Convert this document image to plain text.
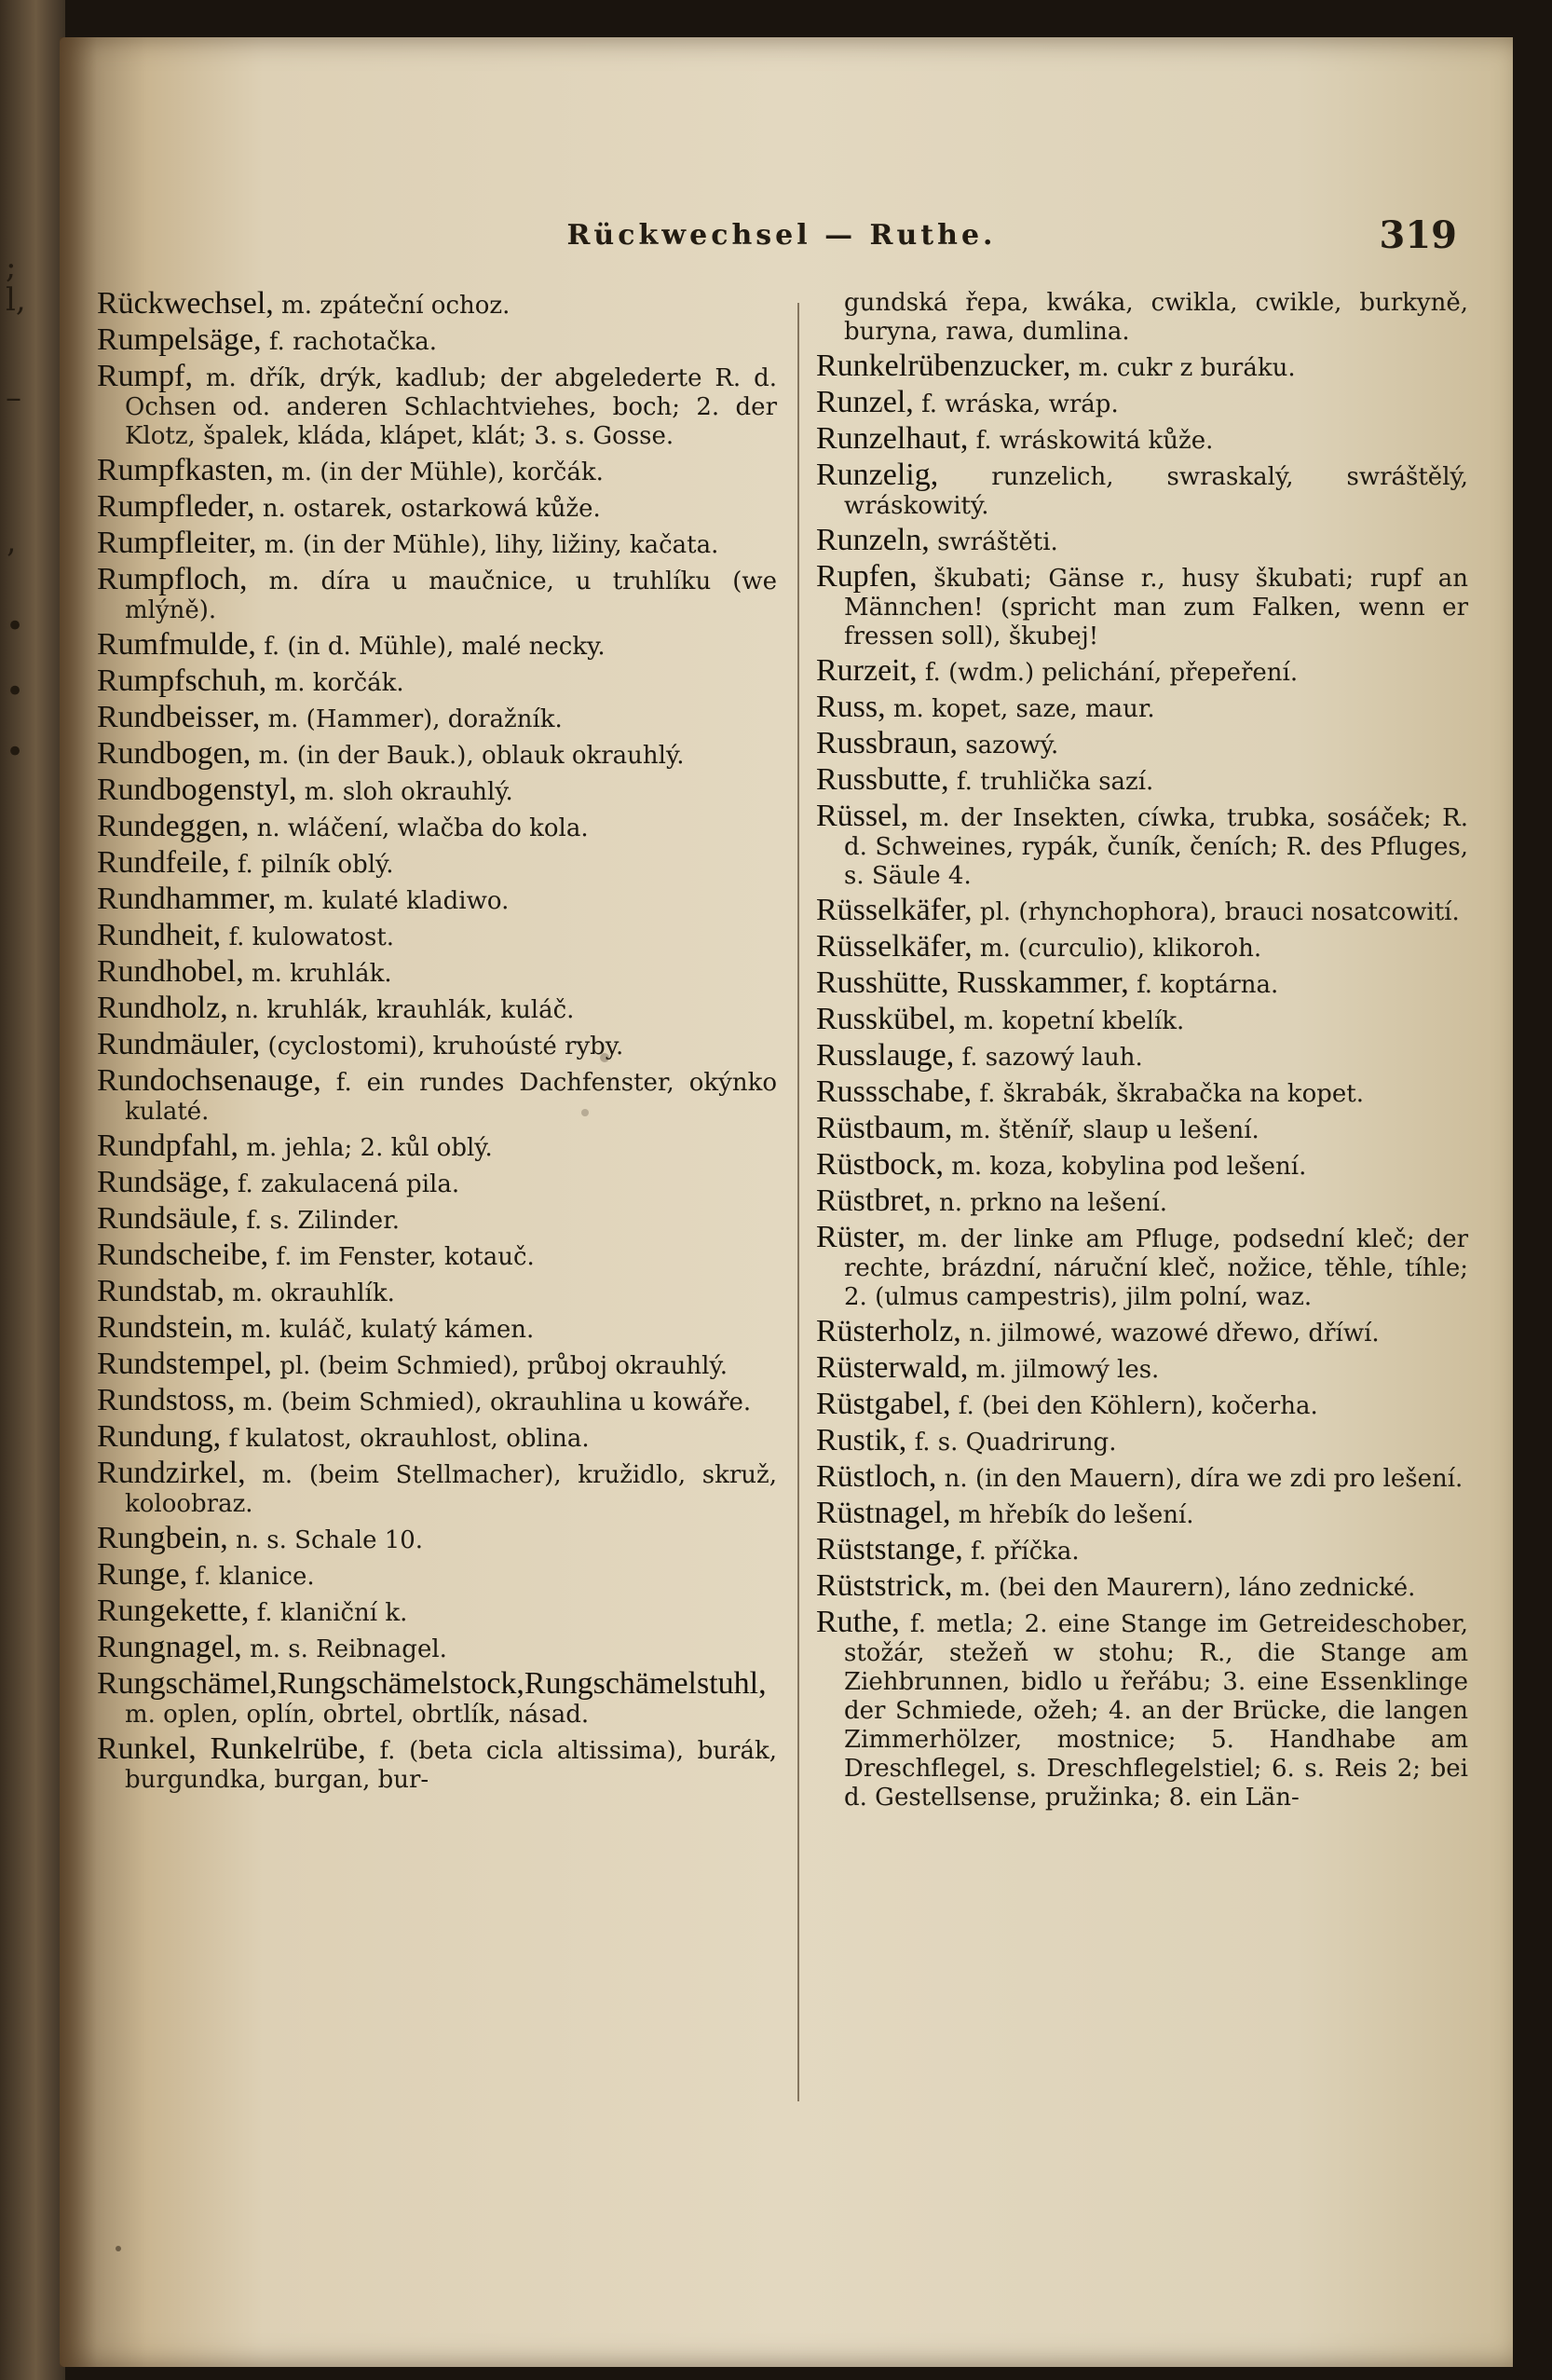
;
l,
–
’
•
•
•
Rückwechsel — Ruthe.	319
Rückwechsel, m. zpáteční ochoz.
Rumpelsäge, f. rachotačka.
Rumpf, m. dřík, drýk, kadlub; der abgelederte R. d. Ochsen od. anderen Schlachtviehes, boch; 2. der Klotz, špalek, kláda, klápet, klát; 3. s. Gosse.
Rumpfkasten, m. (in der Mühle), korčák.
Rumpfleder, n. ostarek, ostarkowá kůže.
Rumpfleiter, m. (in der Mühle), lihy, ližiny, kačata.
Rumpfloch, m. díra u maučnice, u truhlíku (we mlýně).
Rumfmulde, f. (in d. Mühle), malé necky.
Rumpfschuh, m. korčák.
Rundbeisser, m. (Hammer), doražník.
Rundbogen, m. (in der Bauk.), oblauk okrauhlý.
Rundbogenstyl, m. sloh okrauhlý.
Rundeggen, n. wláčení, wlačba do kola.
Rundfeile, f. pilník oblý.
Rundhammer, m. kulaté kladiwo.
Rundheit, f. kulowatost.
Rundhobel, m. kruhlák.
Rundholz, n. kruhlák, krauhlák, kuláč.
Rundmäuler, (cyclostomi), kruhoústé ryby.
Rundochsenauge, f. ein rundes Dachfenster, okýnko kulaté.
Rundpfahl, m. jehla; 2. kůl oblý.
Rundsäge, f. zakulacená pila.
Rundsäule, f. s. Zilinder.
Rundscheibe, f. im Fenster, kotauč.
Rundstab, m. okrauhlík.
Rundstein, m. kuláč, kulatý kámen.
Rundstempel, pl. (beim Schmied), průboj okrauhlý.
Rundstoss, m. (beim Schmied), okrauhlina u kowáře.
Rundung, f kulatost, okrauhlost, oblina.
Rundzirkel, m. (beim Stellmacher), kružidlo, skruž, koloobraz.
Rungbein, n. s. Schale 10.
Runge, f. klanice.
Rungekette, f. klaniční k.
Rungnagel, m. s. Reibnagel.
Rungschämel,Rungschämelstock,Rungschämelstuhl, m. oplen, oplín, obrtel, obrtlík, násad.
Runkel, Runkelrübe, f. (beta cicla altissima), burák, burgundka, burgan, bur-
gundská řepa, kwáka, cwikla, cwikle, burkyně, buryna, rawa, dumlina.
Runkelrübenzucker, m. cukr z buráku.
Runzel, f. wráska, wráp.
Runzelhaut, f. wráskowitá kůže.
Runzelig, runzelich, swraskalý, swráštělý, wráskowitý.
Runzeln, swráštěti.
Rupfen, škubati; Gänse r., husy škubati; rupf an Männchen! (spricht man zum Falken, wenn er fressen soll), škubej!
Rurzeit, f. (wdm.) pelichání, přepeření.
Russ, m. kopet, saze, maur.
Russbraun, sazowý.
Russbutte, f. truhlička sazí.
Rüssel, m. der Insekten, cíwka, trubka, sosáček; R. d. Schweines, rypák, čuník, čeních; R. des Pfluges, s. Säule 4.
Rüsselkäfer, pl. (rhynchophora), brauci nosatcowití.
Rüsselkäfer, m. (curculio), klikoroh.
Russhütte, Russkammer, f. koptárna.
Russkübel, m. kopetní kbelík.
Russlauge, f. sazowý lauh.
Russschabe, f. škrabák, škrabačka na kopet.
Rüstbaum, m. štěníř, slaup u lešení.
Rüstbock, m. koza, kobylina pod lešení.
Rüstbret, n. prkno na lešení.
Rüster, m. der linke am Pfluge, podsední kleč; der rechte, brázdní, náruční kleč, nožice, těhle, tíhle; 2. (ulmus campestris), jilm polní, waz.
Rüsterholz, n. jilmowé, wazowé dřewo, dříwí.
Rüsterwald, m. jilmowý les.
Rüstgabel, f. (bei den Köhlern), kočerha.
Rustik, f. s. Quadrirung.
Rüstloch, n. (in den Mauern), díra we zdi pro lešení.
Rüstnagel, m hřebík do lešení.
Rüststange, f. příčka.
Rüststrick, m. (bei den Maurern), láno zednické.
Ruthe, f. metla; 2. eine Stange im Getreideschober, stožár, stežeň w stohu; R., die Stange am Ziehbrunnen, bidlo u řeřábu; 3. eine Essenklinge der Schmiede, ožeh; 4. an der Brücke, die langen Zimmerhölzer, mostnice; 5. Handhabe am Dreschflegel, s. Dreschflegelstiel; 6. s. Reis 2; bei d. Gestellsense, pružinka; 8. ein Län-
